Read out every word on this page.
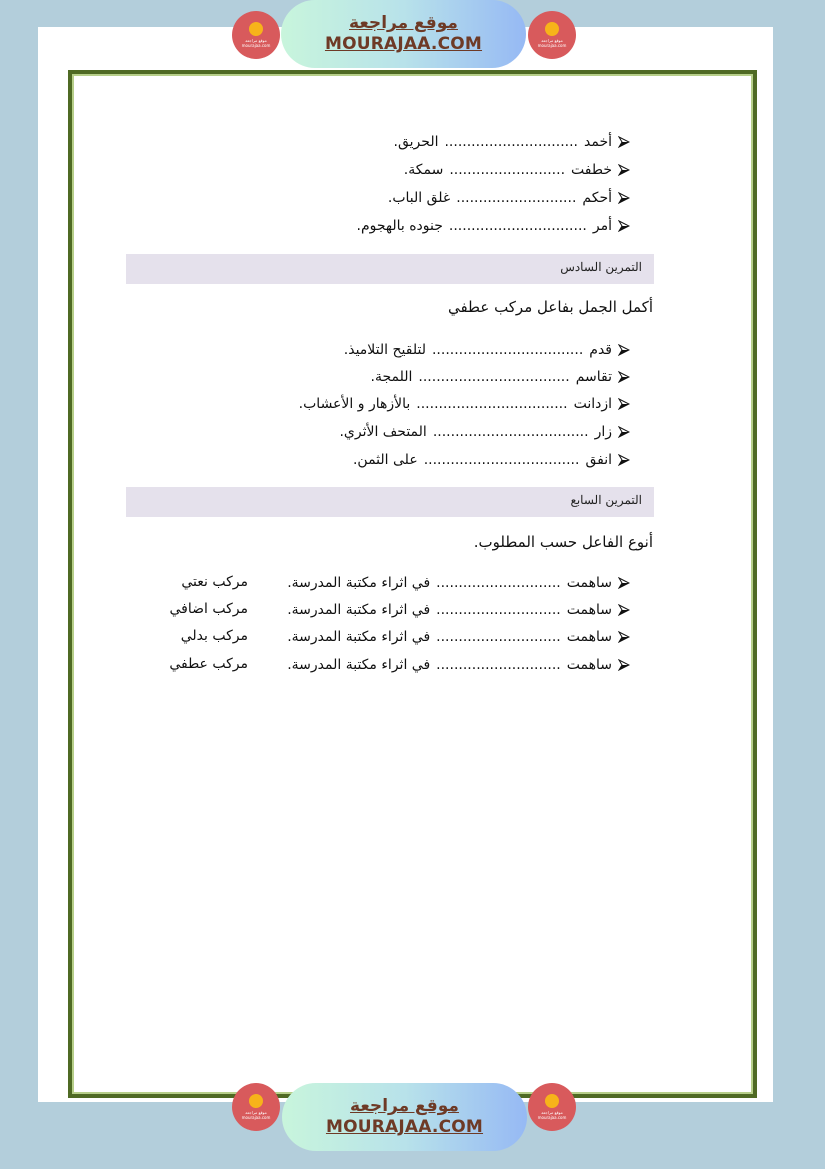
موقع مراجعة mourajaa.com
موقع مراجعة
MOURAJAA.COM	موقع مراجعة mourajaa.com
موقع مراجعة mourajaa.com
موقع مراجعة
MOURAJAA.COM
موقع مراجعة mourajaa.com
أخمد
..............................
الحريق.
خطفت
..........................
سمكة.
أحكم
...........................
غلق الباب.
أمر
...............................
جنوده بالهجوم.
التمرين السادس
أكمل الجمل بفاعل مركب عطفي
قدم
..................................
لتلقيح التلاميذ.
تقاسم
..................................
اللمجة.
ازدانت
..................................
بالأزهار و الأعشاب.
زار
...................................
المتحف الأثري.
انفق
...................................
على الثمن.
التمرين السابع
أنوع الفاعل حسب المطلوب.
ساهمت
............................
في اثراء مكتبة المدرسة.
مركب نعتي
ساهمت
............................
في اثراء مكتبة المدرسة.
مركب اضافي
ساهمت
............................
في اثراء مكتبة المدرسة.
مركب بدلي
ساهمت
............................
في اثراء مكتبة المدرسة.
مركب عطفي
